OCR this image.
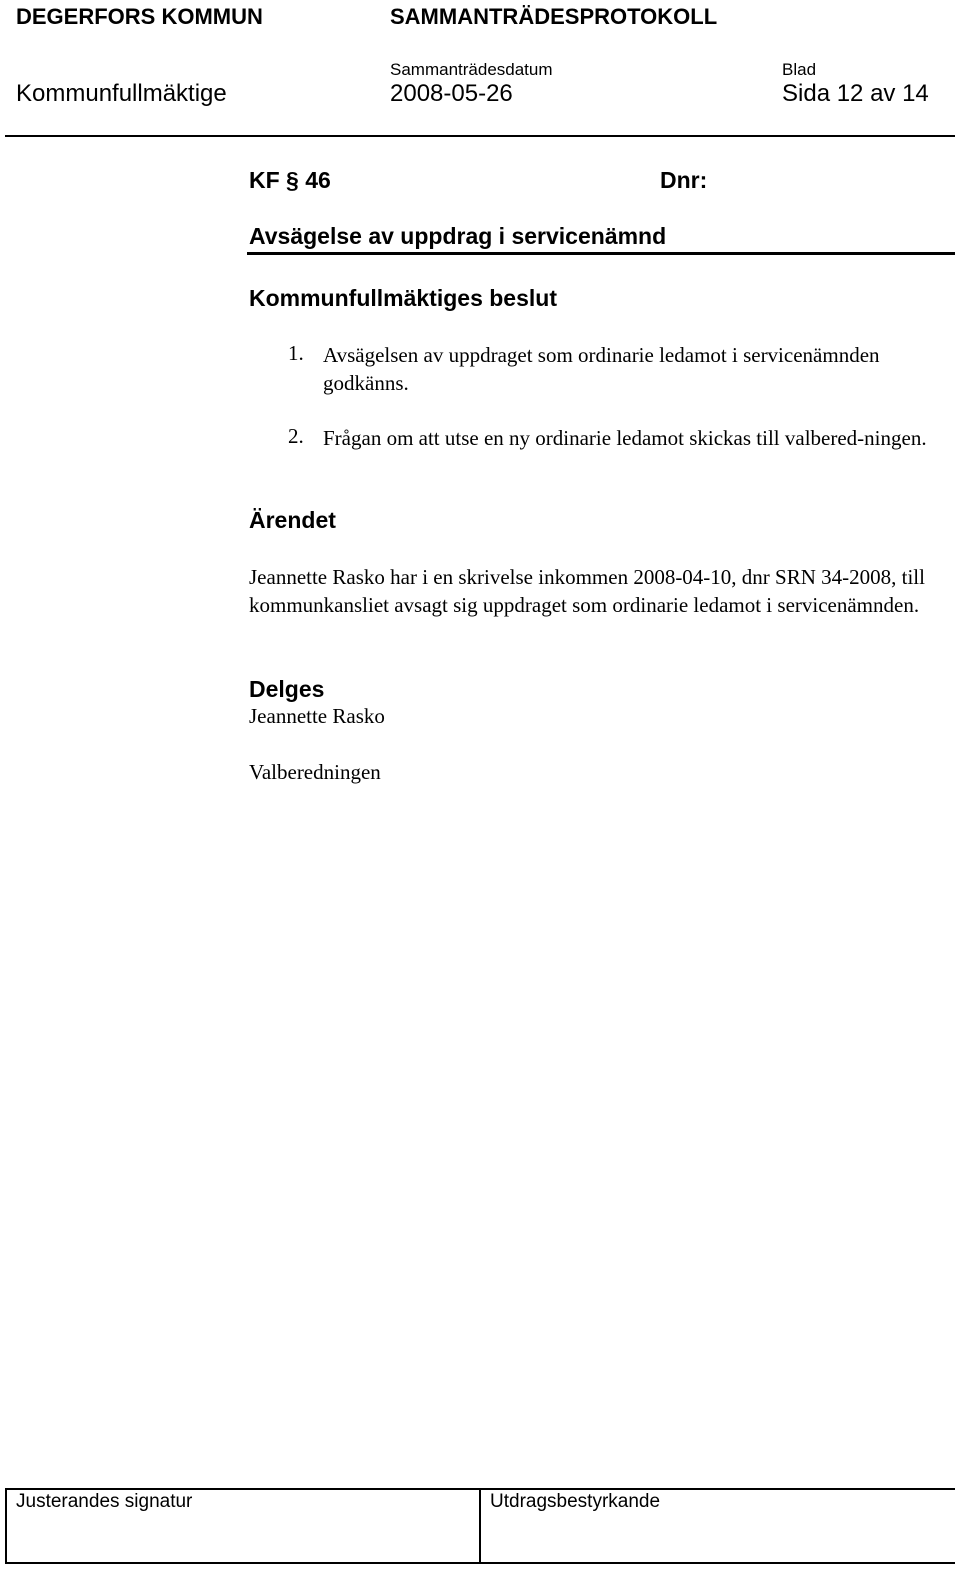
DEGERFORS KOMMUN	SAMMANTRÄDESPROTOKOLL
Sammanträdesdatum	Blad
Kommunfullmäktige	2008-05-26	Sida 12 av 14
KF § 46	Dnr:
Avsägelse av uppdrag i servicenämnd
Kommunfullmäktiges beslut
1. Avsägelsen av uppdraget som ordinarie ledamot i servicenämnden godkänns.
2. Frågan om att utse en ny ordinarie ledamot skickas till valbered-ningen.
Ärendet
Jeannette Rasko har i en skrivelse inkommen 2008-04-10, dnr SRN 34-2008, till kommunkansliet avsagt sig uppdraget som ordinarie ledamot i servicenämnden.
Delges
Jeannette Rasko
Valberedningen
Justerandes signatur	Utdragsbestyrkande
